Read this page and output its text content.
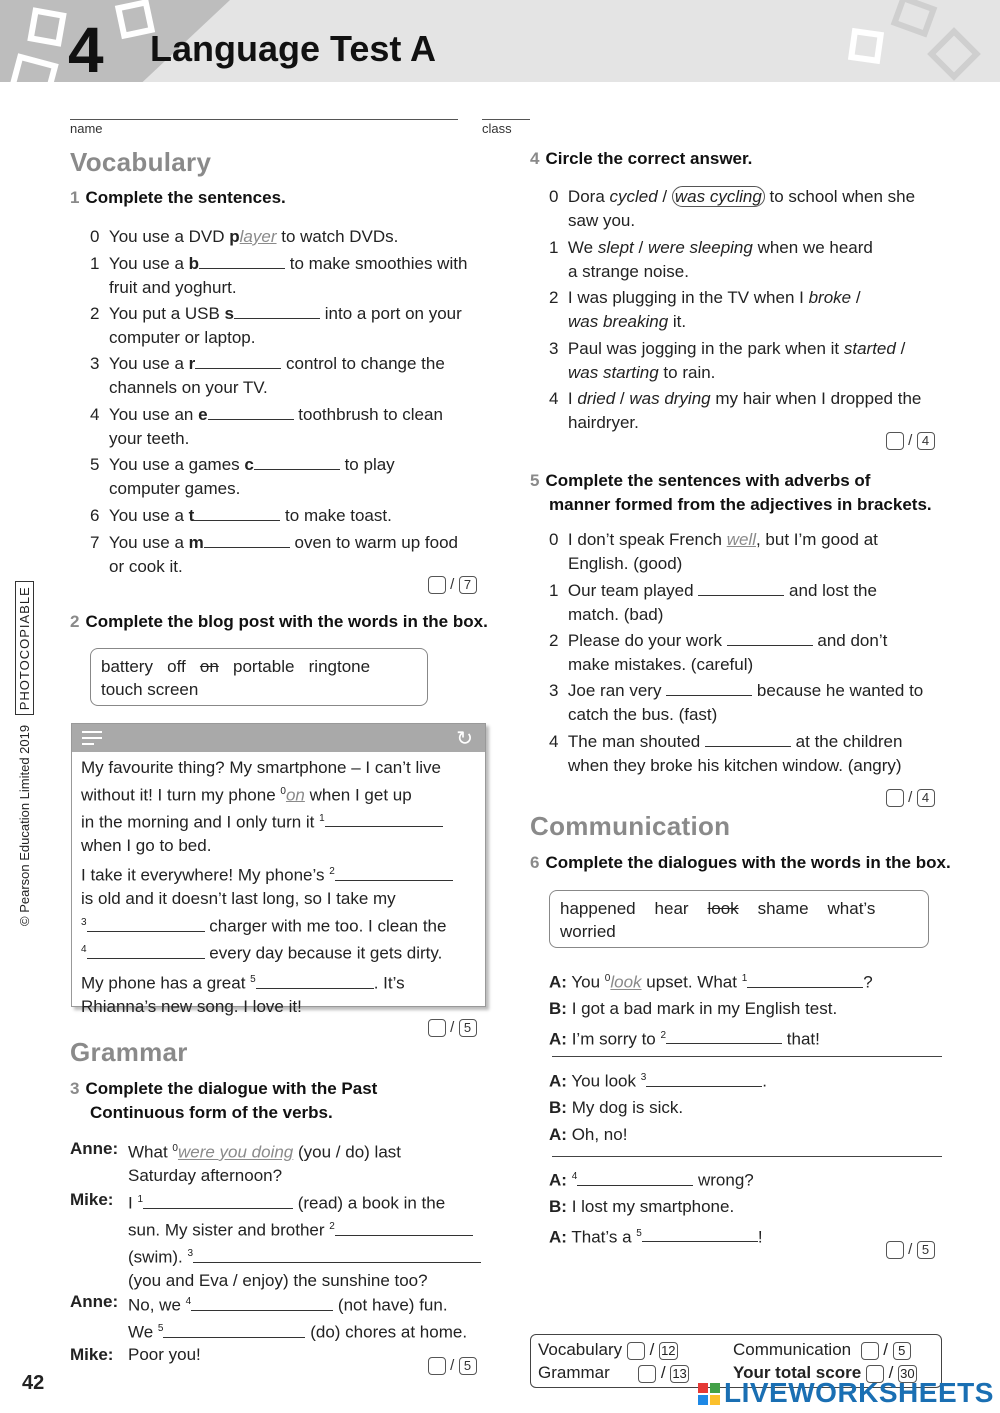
4 Language Test A
name	class
© Pearson Education Limited 2019 PHOTOCOPIABLE
42
Vocabulary
1 Complete the sentences.
0 You use a DVD player to watch DVDs.
1 You use a b	to make smoothies with
fruit and yoghurt.
2 You put a USB s	into a port on your
computer or laptop.
3 You use a r	control to change the
channels on your TV.
4 You use an e	toothbrush to clean
your teeth.
5 You use a games c	to play
computer games.
6 You use a t	to make toast.
7 You use a m	oven to warm up food
or cook it.
/ 7
2 Complete the blog post with the words in the box.
battery off on portable ringtone
touch screen
↻
My favourite thing? My smartphone – I can’t live
without it! I turn my phone $^0$on when I get up
in the morning and I only turn it $^1$
when I go to bed.
I take it everywhere! My phone’s $^2$
is old and it doesn’t last long, so I take my
$^3$	charger with me too. I clean the
$^4$	every day because it gets dirty.
My phone has a great $^5$	. It’s
Rhianna’s new song. I love it!
/ 5
Grammar
3 Complete the dialogue with the Past
Continuous form of the verbs.
Anne: What $^0$were you doing (you / do) last
Saturday afternoon?
Mike: I $^1$	(read) a book in the
sun. My sister and brother $^2$
(swim). $^3$
(you and Eva / enjoy) the sunshine too?
Anne: No, we $^4$	(not have) fun.
We $^5$	(do) chores at home.
Mike: Poor you!
/ 5
4 Circle the correct answer.
0 Dora cycled / was cycling to school when she
saw you.
1 We slept / were sleeping when we heard
a strange noise.
2 I was plugging in the TV when I broke /
was breaking it.
3 Paul was jogging in the park when it started /
was starting to rain.
4 I dried / was drying my hair when I dropped the
hairdryer.
/ 4
5 Complete the sentences with adverbs of
manner formed from the adjectives in brackets.
0 I don’t speak French well, but I’m good at
English. (good)
1 Our team played	and lost the
match. (bad)
2 Please do your work	and don’t
make mistakes. (careful)
3 Joe ran very	because he wanted to
catch the bus. (fast)
4 The man shouted	at the children
when they broke his kitchen window. (angry)
/ 4
Communication
6 Complete the dialogues with the words in the box.
happened hear look shame what’s
worried
A: You $^0$look upset. What $^1$	?
B: I got a bad mark in my English test.
A: I’m sorry to $^2$	that!
A: You look $^3$	.
B: My dog is sick.
A: Oh, no!
A: $^4$	wrong?
B: I lost my smartphone.
A: That’s a $^5$	!
/ 5
Vocabulary / 12
Grammar	/ 13
Communication / 5
Your total score / 30
LIVEWORKSHEETS
